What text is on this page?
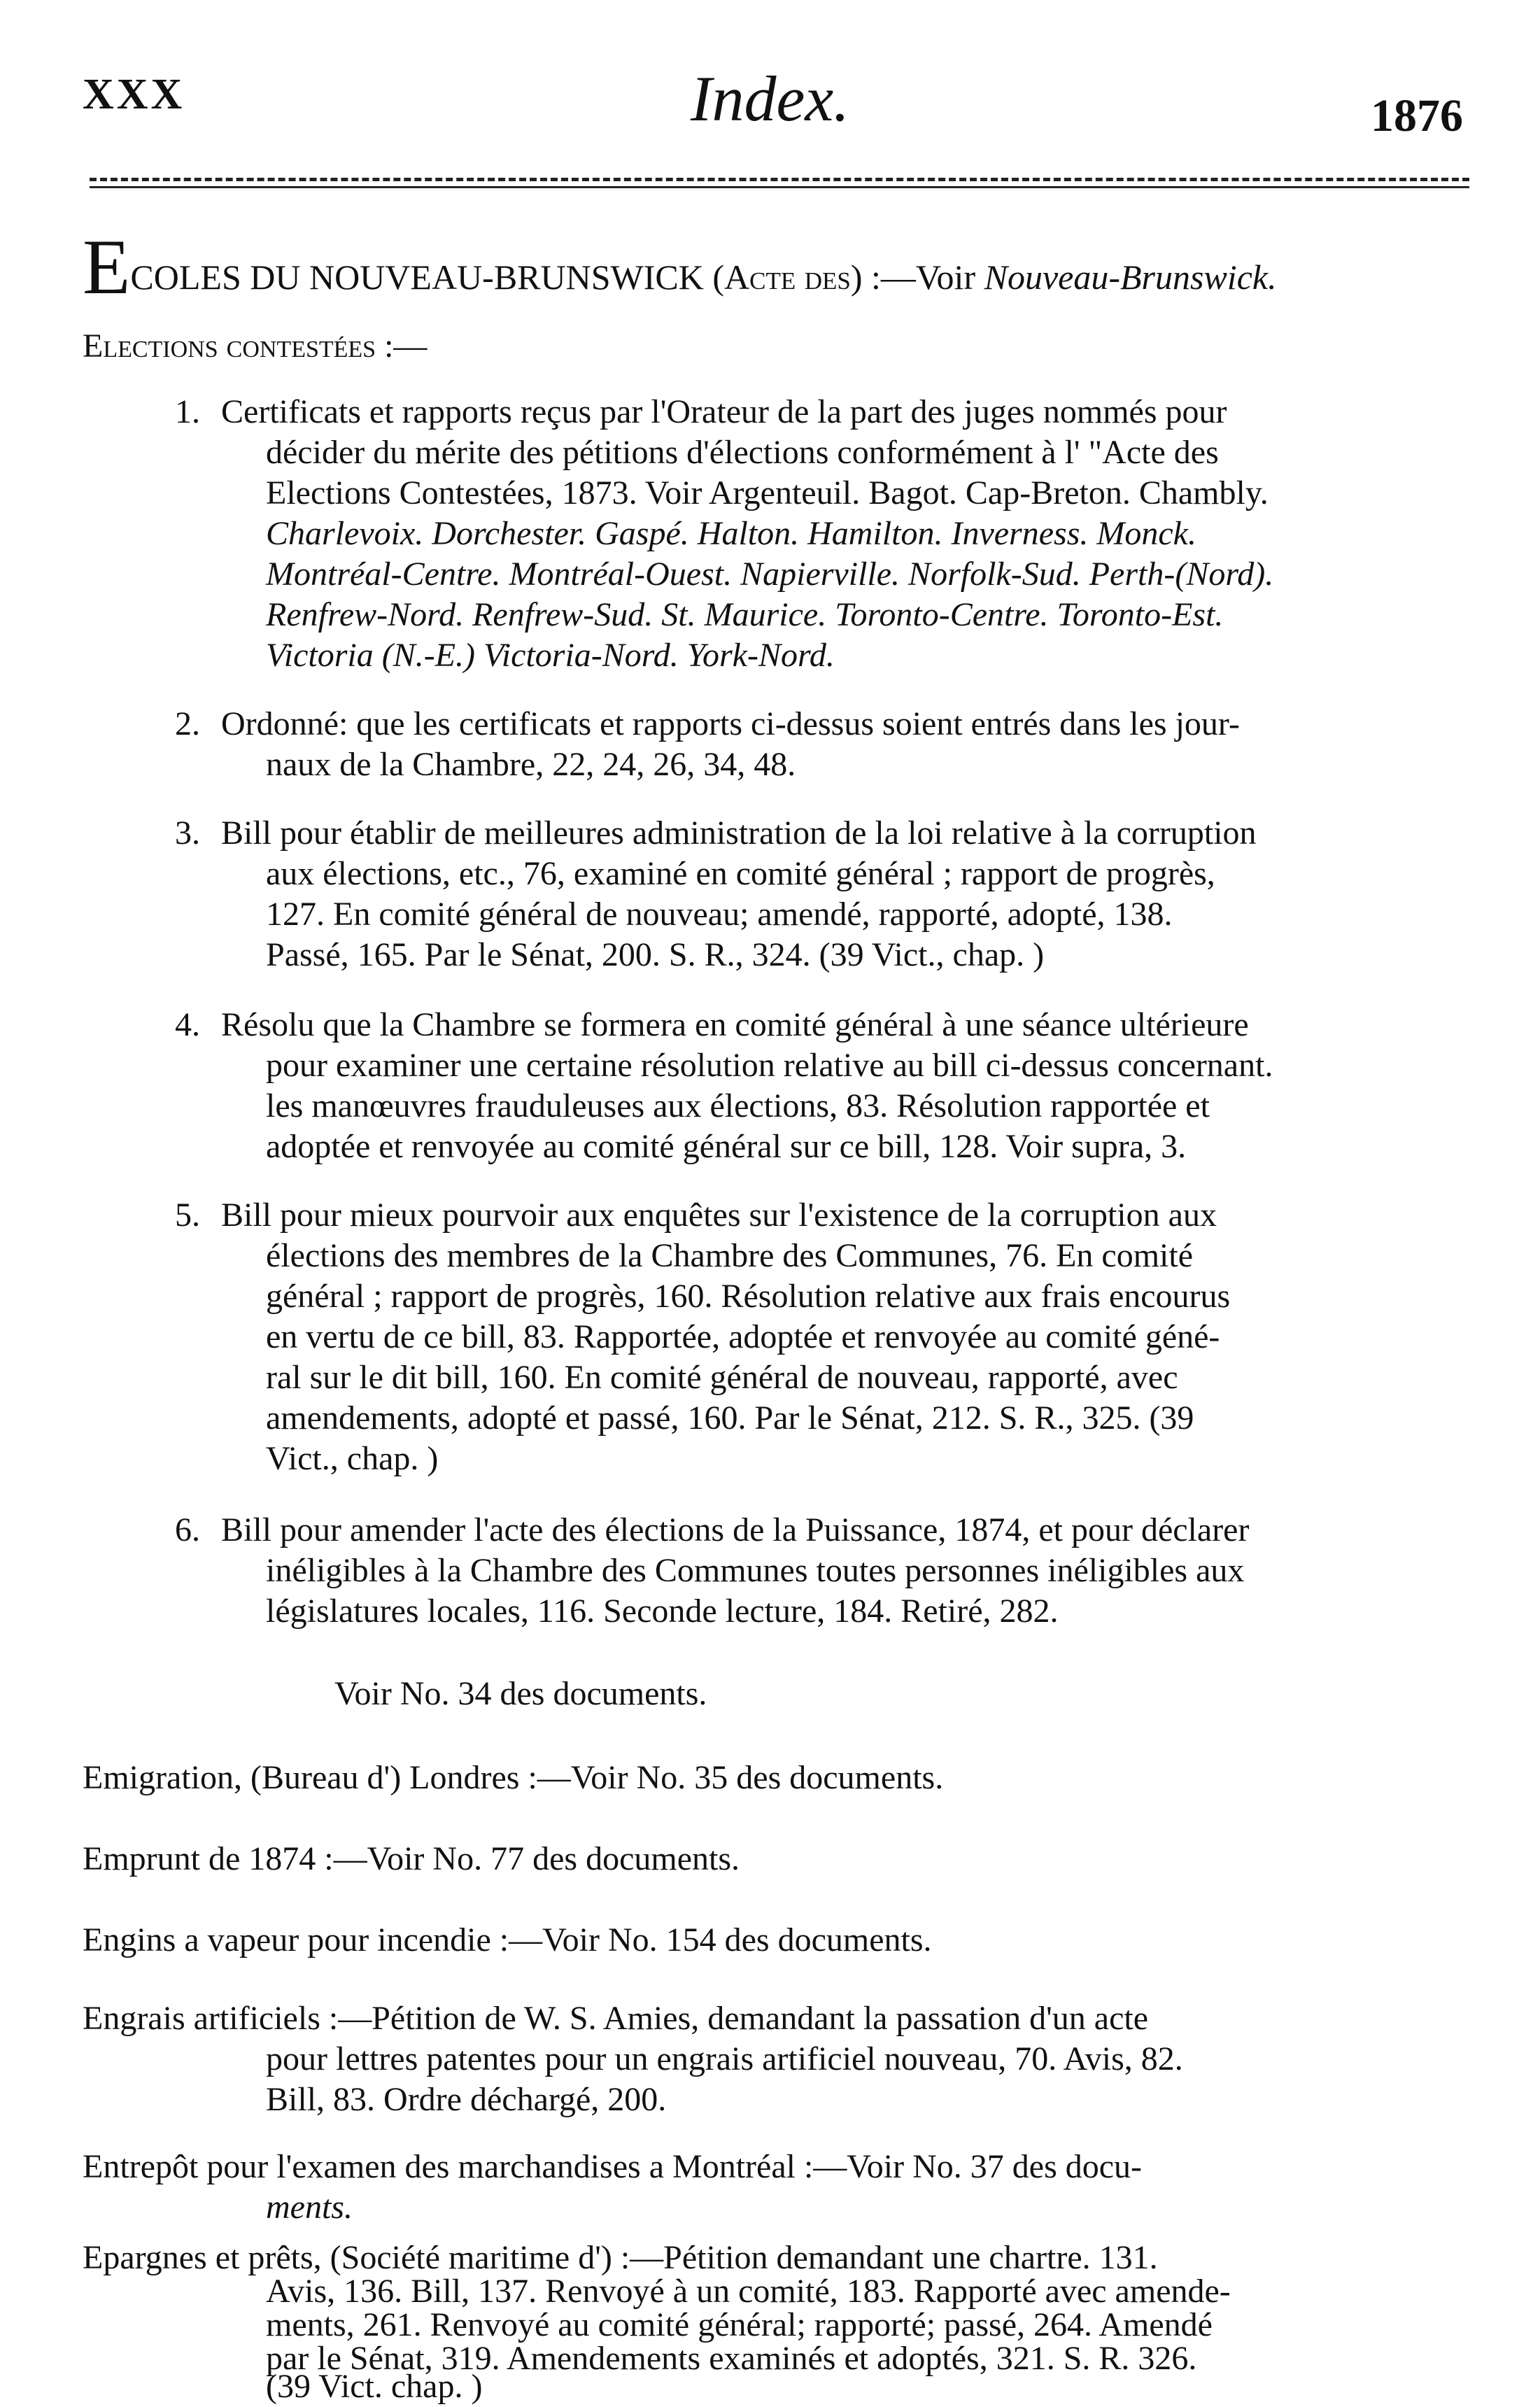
XXX	Index.	1876
ECOLES DU NOUVEAU-BRUNSWICK (Acte des) :—Voir Nouveau-Brunswick.
Elections contestées :—
1. Certificats et rapports reçus par l'Orateur de la part des juges nommés pour
décider du mérite des pétitions d'élections conformément à l' "Acte des
Elections Contestées, 1873. Voir Argenteuil. Bagot. Cap-Breton. Chambly.
Charlevoix. Dorchester. Gaspé. Halton. Hamilton. Inverness. Monck.
Montréal-Centre. Montréal-Ouest. Napierville. Norfolk-Sud. Perth-(Nord).
Renfrew-Nord. Renfrew-Sud. St. Maurice. Toronto-Centre. Toronto-Est.
Victoria (N.-E.) Victoria-Nord. York-Nord.
2. Ordonné: que les certificats et rapports ci-dessus soient entrés dans les jour-
naux de la Chambre, 22, 24, 26, 34, 48.
3. Bill pour établir de meilleures administration de la loi relative à la corruption
aux élections, etc., 76, examiné en comité général ; rapport de progrès,
127. En comité général de nouveau; amendé, rapporté, adopté, 138.
Passé, 165. Par le Sénat, 200. S. R., 324. (39 Vict., chap. )
4. Résolu que la Chambre se formera en comité général à une séance ultérieure
pour examiner une certaine résolution relative au bill ci-dessus concernant.
les manœuvres frauduleuses aux élections, 83. Résolution rapportée et
adoptée et renvoyée au comité général sur ce bill, 128. Voir supra, 3.
5. Bill pour mieux pourvoir aux enquêtes sur l'existence de la corruption aux
élections des membres de la Chambre des Communes, 76. En comité
général ; rapport de progrès, 160. Résolution relative aux frais encourus
en vertu de ce bill, 83. Rapportée, adoptée et renvoyée au comité géné-
ral sur le dit bill, 160. En comité général de nouveau, rapporté, avec
amendements, adopté et passé, 160. Par le Sénat, 212. S. R., 325. (39
Vict., chap. )
6. Bill pour amender l'acte des élections de la Puissance, 1874, et pour déclarer
inéligibles à la Chambre des Communes toutes personnes inéligibles aux
législatures locales, 116. Seconde lecture, 184. Retiré, 282.
Voir No. 34 des documents.
Emigration, (Bureau d') Londres :—Voir No. 35 des documents.
Emprunt de 1874 :—Voir No. 77 des documents.
Engins a vapeur pour incendie :—Voir No. 154 des documents.
Engrais artificiels :—Pétition de W. S. Amies, demandant la passation d'un acte
pour lettres patentes pour un engrais artificiel nouveau, 70. Avis, 82.
Bill, 83. Ordre déchargé, 200.
Entrepôt pour l'examen des marchandises a Montréal :—Voir No. 37 des docu-
ments.
Epargnes et prêts, (Société maritime d') :—Pétition demandant une chartre. 131.
Avis, 136. Bill, 137. Renvoyé à un comité, 183. Rapporté avec amende-
ments, 261. Renvoyé au comité général; rapporté; passé, 264. Amendé
par le Sénat, 319. Amendements examinés et adoptés, 321. S. R. 326.
(39 Vict. chap. )
